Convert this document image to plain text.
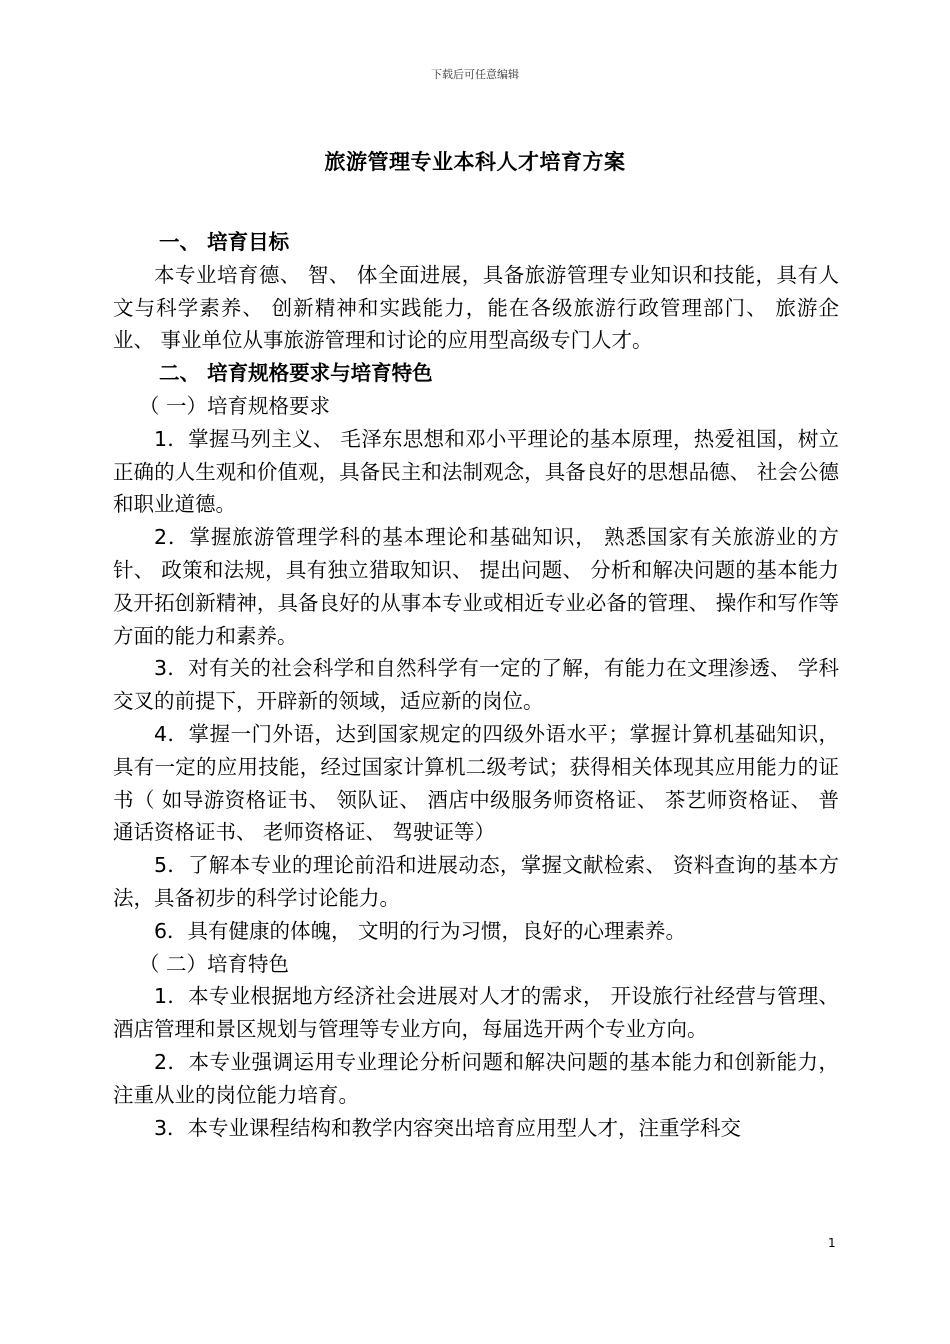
下载后可任意编辑
旅游管理专业本科人才培育方案
一、 培育目标

本专业培育德、 智、 体全面进展，具备旅游管理专业知识和技能，具有人文与科学素养、 创新精神和实践能力，能在各级旅游行政管理部门、 旅游企业、 事业单位从事旅游管理和讨论的应用型高级专门人才。

二、 培育规格要求与培育特色
（ 一）培育规格要求

1．掌握马列主义、 毛泽东思想和邓小平理论的基本原理，热爱祖国，树立正确的人生观和价值观，具备民主和法制观念，具备良好的思想品德、 社会公德和职业道德。

2．掌握旅游管理学科的基本理论和基础知识， 熟悉国家有关旅游业的方针、 政策和法规，具有独立猎取知识、 提出问题、 分析和解决问题的基本能力及开拓创新精神，具备良好的从事本专业或相近专业必备的管理、 操作和写作等方面的能力和素养。

3．对有关的社会科学和自然科学有一定的了解，有能力在文理渗透、 学科交叉的前提下，开辟新的领域，适应新的岗位。

4．掌握一门外语，达到国家规定的四级外语水平；掌握计算机基础知识，具有一定的应用技能，经过国家计算机二级考试；获得相关体现其应用能力的证书（ 如导游资格证书、 领队证、 酒店中级服务师资格证、 茶艺师资格证、 普通话资格证书、 老师资格证、 驾驶证等）

5．了解本专业的理论前沿和进展动态，掌握文献检索、 资料查询的基本方法，具备初步的科学讨论能力。

6．具有健康的体魄， 文明的行为习惯，良好的心理素养。

（ 二）培育特色

1．本专业根据地方经济社会进展对人才的需求， 开设旅行社经营与管理、 酒店管理和景区规划与管理等专业方向，每届选开两个专业方向。

2．本专业强调运用专业理论分析问题和解决问题的基本能力和创新能力，注重从业的岗位能力培育。

3．本专业课程结构和教学内容突出培育应用型人才，注重学科交

1
